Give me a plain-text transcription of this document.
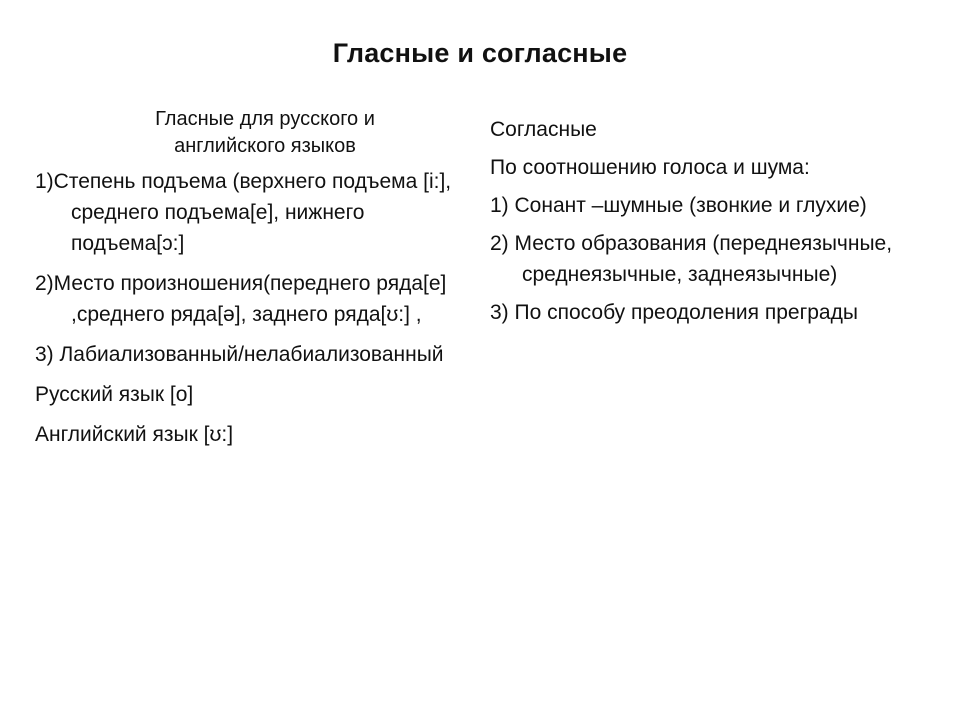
Гласные и согласные
Гласные для русского и
английского языков
1)Степень подъема (верхнего подъема [i:], среднего подъема[e], нижнего подъема[ɔ:]
2)Место произношения(переднего ряда[e] ,среднего ряда[ə], заднего ряда[ʊ:] ,
3) Лабиализованный/нелабиализованный
Русский язык [о]
Английский язык [ʊ:]
Согласные
По соотношению голоса и шума:
1) Сонант –шумные (звонкие и глухие)
2) Место образования (переднеязычные, среднеязычные, заднеязычные)
3) По способу преодоления преграды
